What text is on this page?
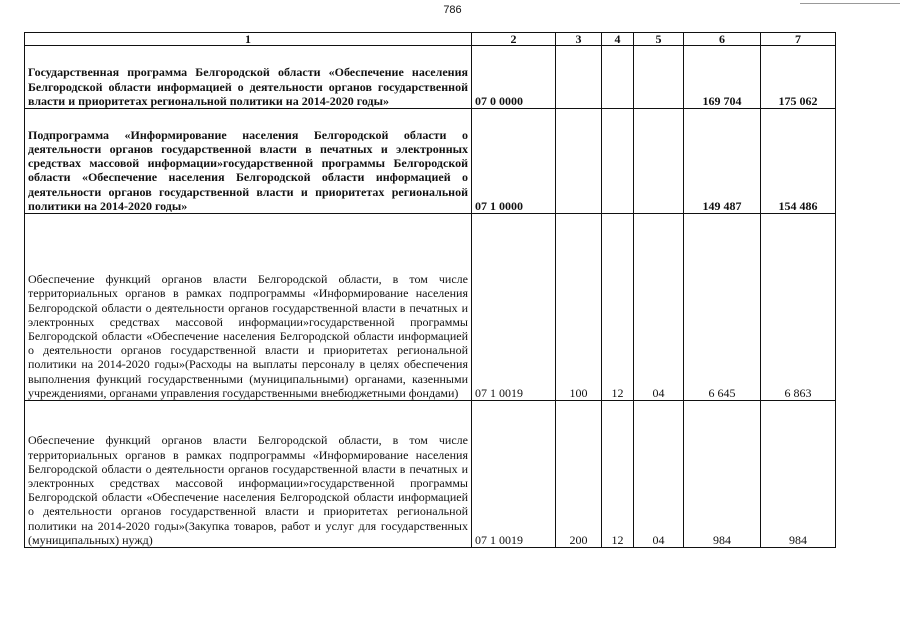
786
1	2	3	4	5	6	7
Государственная программа Белгородской области «Обеспечение населения Белгородской области информацией о деятельности органов государственной власти и приоритетах региональной политики на 2014-2020 годы»	07 0 0000				169 704	175 062
Подпрограмма «Информирование населения Белгородской области о деятельности органов государственной власти в печатных и электронных средствах массовой информации»государственной программы Белгородской области «Обеспечение населения Белгородской области информацией о деятельности органов государственной власти и приоритетах региональной политики на 2014-2020 годы»	07 1 0000				149 487	154 486
Обеспечение функций органов власти Белгородской области, в том числе территориальных органов в рамках подпрограммы «Информирование населения Белгородской области о деятельности органов государственной власти в печатных и электронных средствах массовой информации»государственной программы Белгородской области «Обеспечение населения Белгородской области информацией о деятельности органов государственной власти и приоритетах региональной политики на 2014-2020 годы»(Расходы на выплаты персоналу в целях обеспечения выполнения функций государственными (муниципальными) органами, казенными учреждениями, органами управления государственными внебюджетными фондами)	07 1 0019	100	12	04	6 645	6 863
Обеспечение функций органов власти Белгородской области, в том числе территориальных органов в рамках подпрограммы «Информирование населения Белгородской области о деятельности органов государственной власти в печатных и электронных средствах массовой информации»государственной программы Белгородской области «Обеспечение населения Белгородской области информацией о деятельности органов государственной власти и приоритетах региональной политики на 2014-2020 годы»(Закупка товаров, работ и услуг для государственных (муниципальных) нужд)	07 1 0019	200	12	04	984	984
